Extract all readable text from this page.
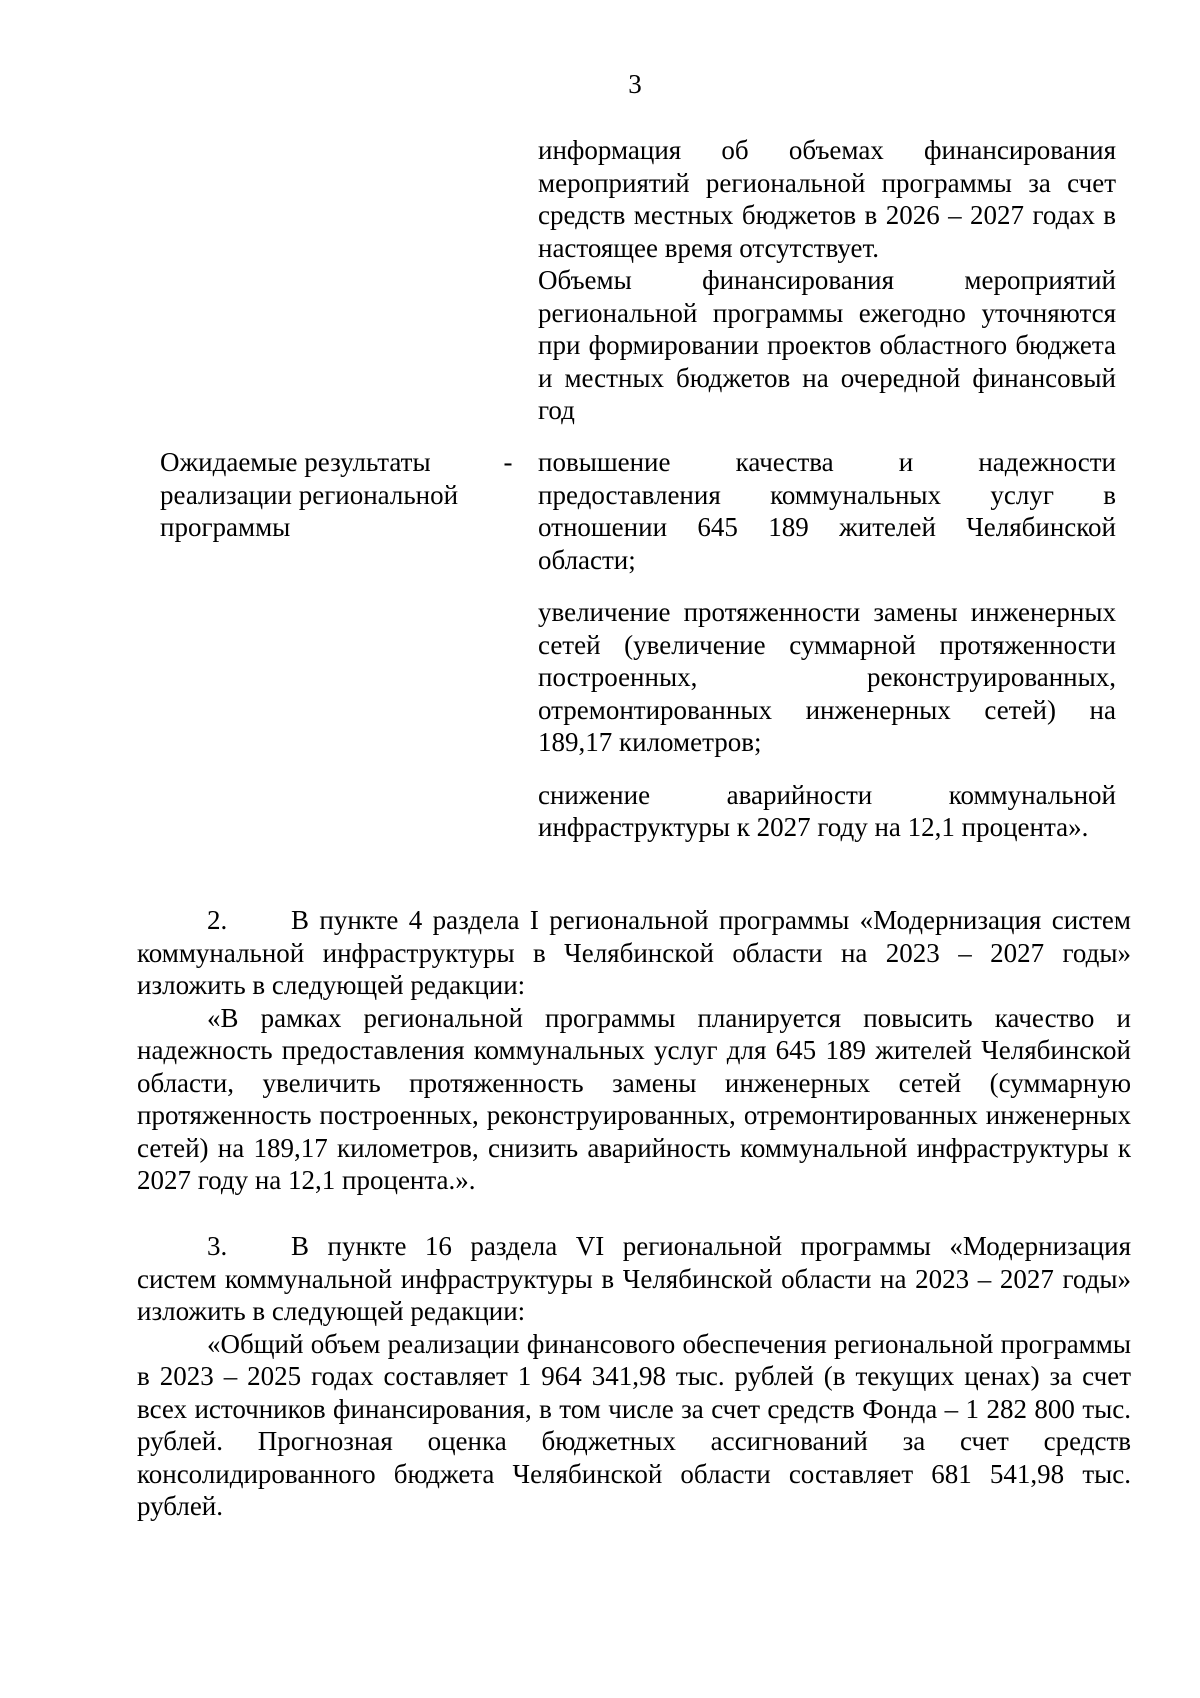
3

информация об объемах финансирования мероприятий региональной программы за счет средств местных бюджетов в 2026 – 2027 годах в настоящее время отсутствует.

Объемы финансирования мероприятий региональной программы ежегодно уточняются при формировании проектов областного бюджета и местных бюджетов на очередной финансовый год

Ожидаемые результаты реализации региональной программы
- повышение качества и надежности предоставления коммунальных услуг в отношении 645 189 жителей Челябинской области;

увеличение протяженности замены инженерных сетей (увеличение суммарной протяженности построенных, реконструированных, отремонтированных инженерных сетей) на 189,17 километров;

снижение аварийности коммунальной инфраструктуры к 2027 году на 12,1 процента».

2. В пункте 4 раздела I региональной программы «Модернизация систем коммунальной инфраструктуры в Челябинской области на 2023 – 2027 годы» изложить в следующей редакции:

«В рамках региональной программы планируется повысить качество и надежность предоставления коммунальных услуг для 645 189 жителей Челябинской области, увеличить протяженность замены инженерных сетей (суммарную протяженность построенных, реконструированных, отремонтированных инженерных сетей) на 189,17 километров, снизить аварийность коммунальной инфраструктуры к 2027 году на 12,1 процента.».

3. В пункте 16 раздела VI региональной программы «Модернизация систем коммунальной инфраструктуры в Челябинской области на 2023 – 2027 годы» изложить в следующей редакции:

«Общий объем реализации финансового обеспечения региональной программы в 2023 – 2025 годах составляет 1 964 341,98 тыс. рублей (в текущих ценах) за счет всех источников финансирования, в том числе за счет средств Фонда – 1 282 800 тыс. рублей. Прогнозная оценка бюджетных ассигнований за счет средств консолидированного бюджета Челябинской области составляет 681 541,98 тыс. рублей.
